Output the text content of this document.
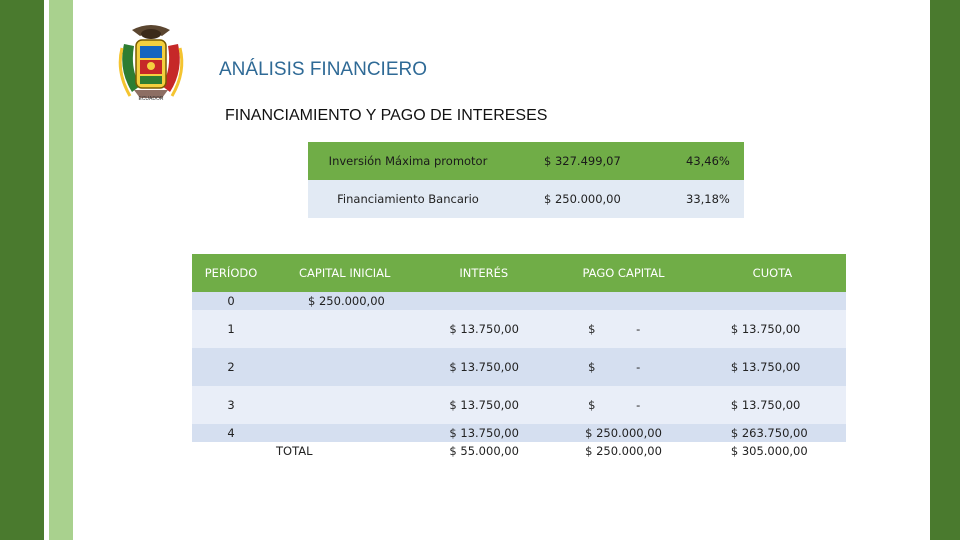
ECUADOR
ANÁLISIS FINANCIERO
FINANCIAMIENTO Y PAGO DE INTERESES
Inversión Máxima promotor	$ 327.499,07	43,46%
Financiamiento Bancario	$ 250.000,00	33,18%
PERÍODO	CAPITAL INICIAL	INTERÉS	PAGO CAPITAL	CUOTA
0	$ 250.000,00			
1		$ 13.750,00	$ -	$ 13.750,00
2		$ 13.750,00	$ -	$ 13.750,00
3		$ 13.750,00	$ -	$ 13.750,00
4		$ 13.750,00	$ 250.000,00	$ 263.750,00
	TOTAL	$ 55.000,00	$ 250.000,00	$ 305.000,00
